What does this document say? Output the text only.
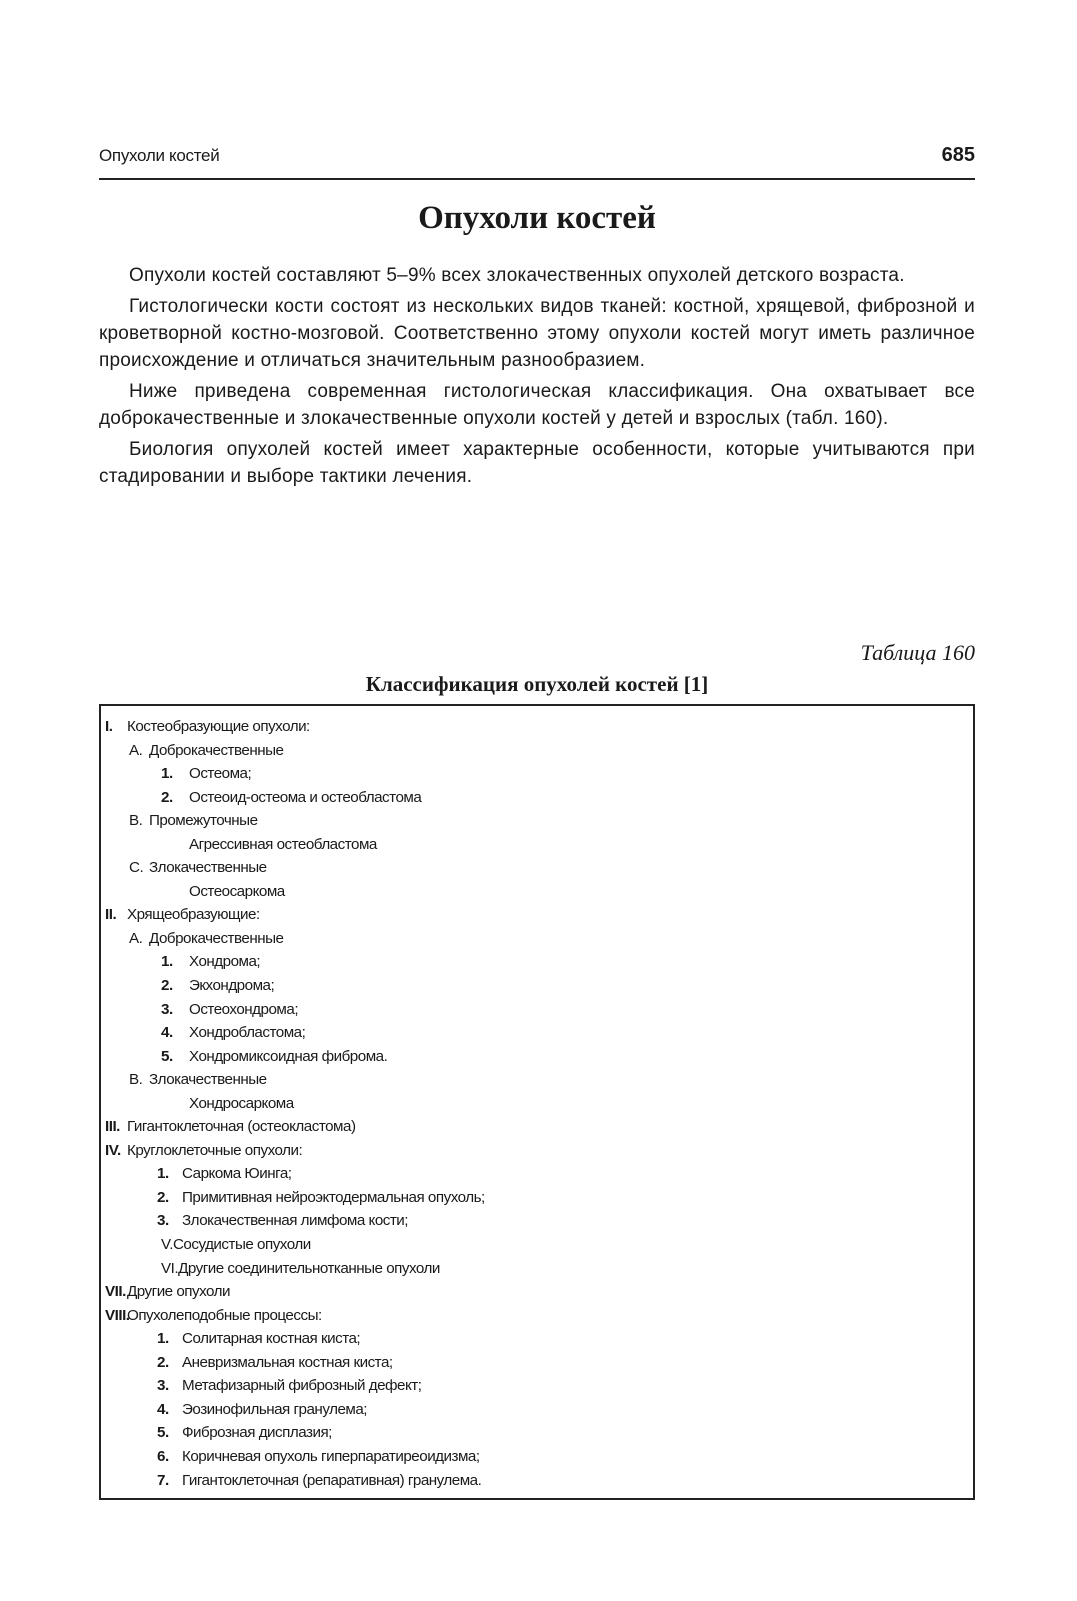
Опухоли костей	685
Опухоли костей

Опухоли костей составляют 5–9% всех злокачественных опухолей детского возраста.

Гистологически кости состоят из нескольких видов тканей: костной, хрящевой, фиброзной и кроветворной костно-мозговой. Соответственно этому опухоли костей могут иметь различное происхождение и отличаться значительным разнообразием.

Ниже приведена современная гистологическая классификация. Она охватывает все доброкачественные и злокачественные опухоли костей у детей и взрослых (табл. 160).

Биология опухолей костей имеет характерные особенности, которые учитываются при стадировании и выборе тактики лечения.

Таблица 160
Классификация опухолей костей [1]
I. Костеобразующие опухоли:
A. Доброкачественные
1. Остеома;
2. Остеоид-остеома и остеобластома
B. Промежуточные
Агрессивная остеобластома
C. Злокачественные
Остеосаркома
II. Хрящеобразующие:
A. Доброкачественные
1. Хондрома;
2. Экхондрома;
3. Остеохондрома;
4. Хондробластома;
5. Хондромиксоидная фиброма.
B. Злокачественные
Хондросаркома
III. Гигантоклеточная (остеокластома)
IV. Круглоклеточные опухоли:
1. Саркома Юинга;
2. Примитивная нейроэктодермальная опухоль;
3. Злокачественная лимфома кости;
V.Сосудистые опухоли
VI.Другие соединительнотканные опухоли
VII.Другие опухоли
VIII.Опухолеподобные процессы:
1. Солитарная костная киста;
2. Аневризмальная костная киста;
3. Метафизарный фиброзный дефект;
4. Эозинофильная гранулема;
5. Фиброзная дисплазия;
6. Коричневая опухоль гиперпаратиреоидизма;
7. Гигантоклеточная (репаративная) гранулема.
